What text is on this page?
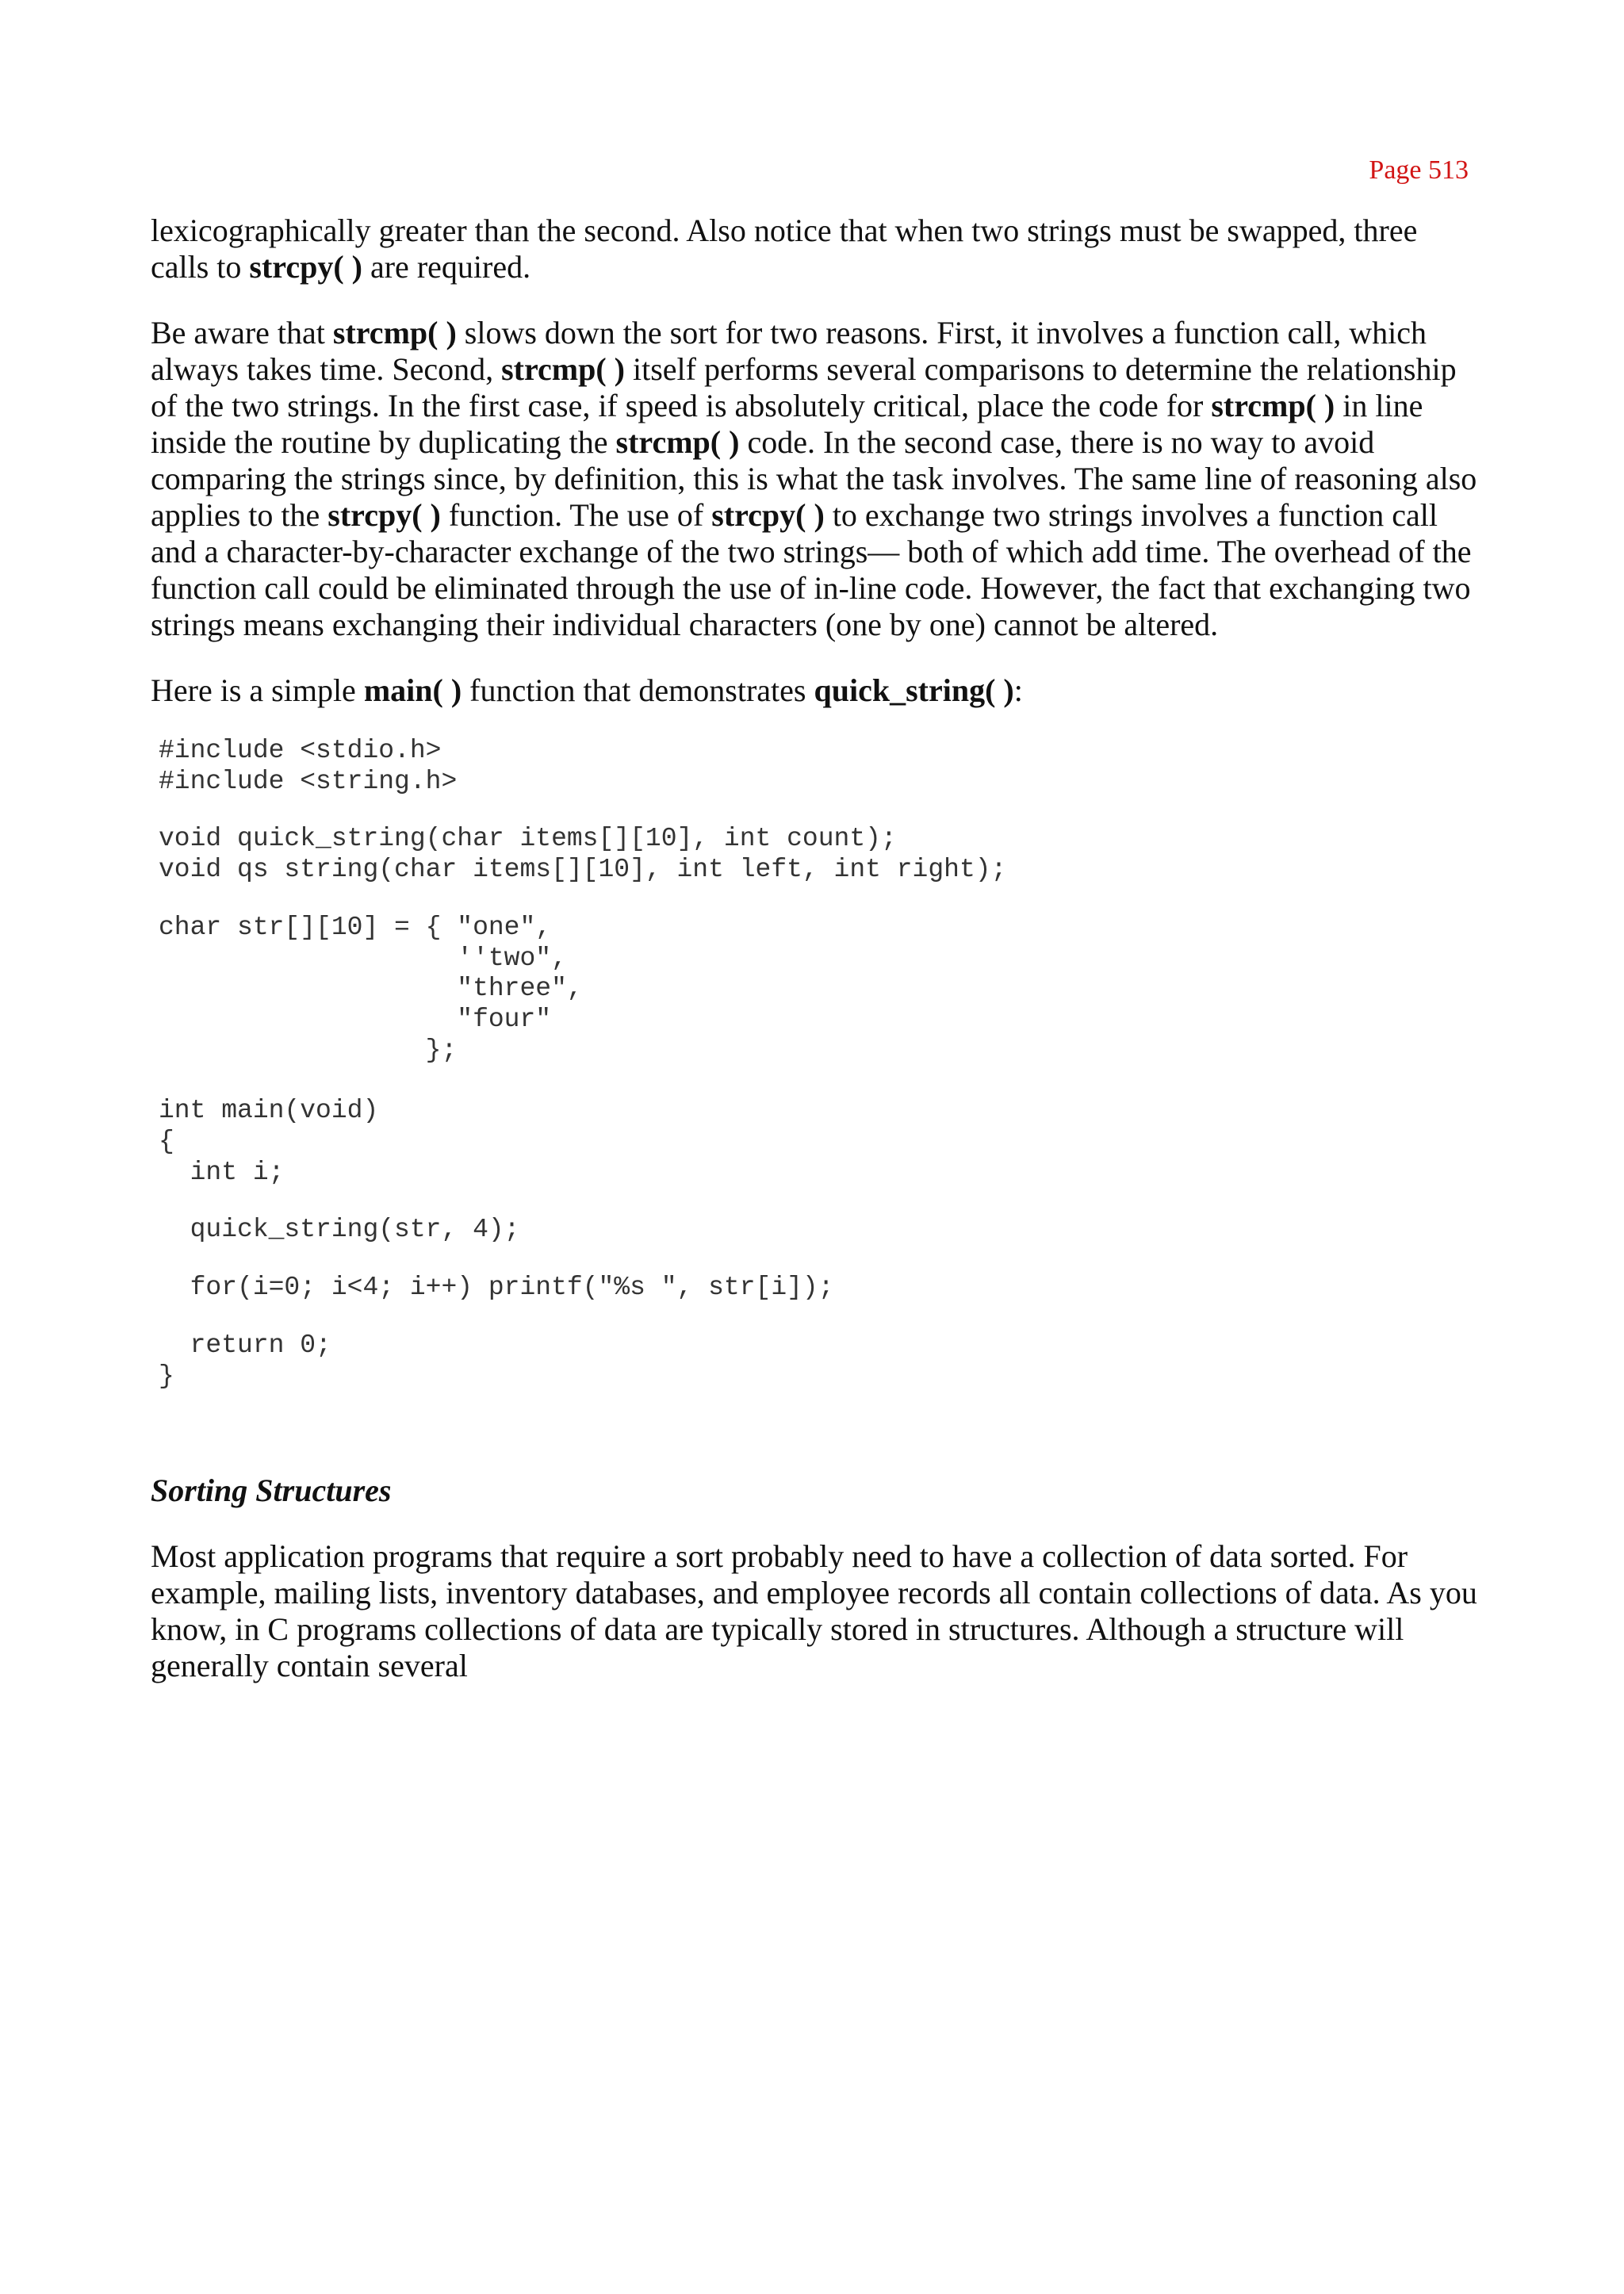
Page 513

lexicographically greater than the second. Also notice that when two strings must be swapped, three calls to strcpy( ) are required.

Be aware that strcmp( ) slows down the sort for two reasons. First, it involves a function call, which always takes time. Second, strcmp( ) itself performs several comparisons to determine the relationship of the two strings. In the first case, if speed is absolutely critical, place the code for strcmp( ) in line inside the routine by duplicating the strcmp( ) code. In the second case, there is no way to avoid comparing the strings since, by definition, this is what the task involves. The same line of reasoning also applies to the strcpy( ) function. The use of strcpy( ) to exchange two strings involves a function call and a character-by-character exchange of the two strings— both of which add time. The overhead of the function call could be eliminated through the use of in-line code. However, the fact that exchanging two strings means exchanging their individual characters (one by one) cannot be altered.

Here is a simple main( ) function that demonstrates quick_string( ):

#include <stdio.h>
#include <string.h>
void quick_string(char items[][10], int count);
void qs string(char items[][10], int left, int right);
char str[][10] = { "one",
''two",
"three",
"four"
};
int main(void)
{
int i;
quick_string(str, 4);
for(i=0; i<4; i++) printf("%s ", str[i]);
return 0;
}
Sorting Structures

Most application programs that require a sort probably need to have a collection of data sorted. For example, mailing lists, inventory databases, and employee records all contain collections of data. As you know, in C programs collections of data are typically stored in structures. Although a structure will generally contain several
